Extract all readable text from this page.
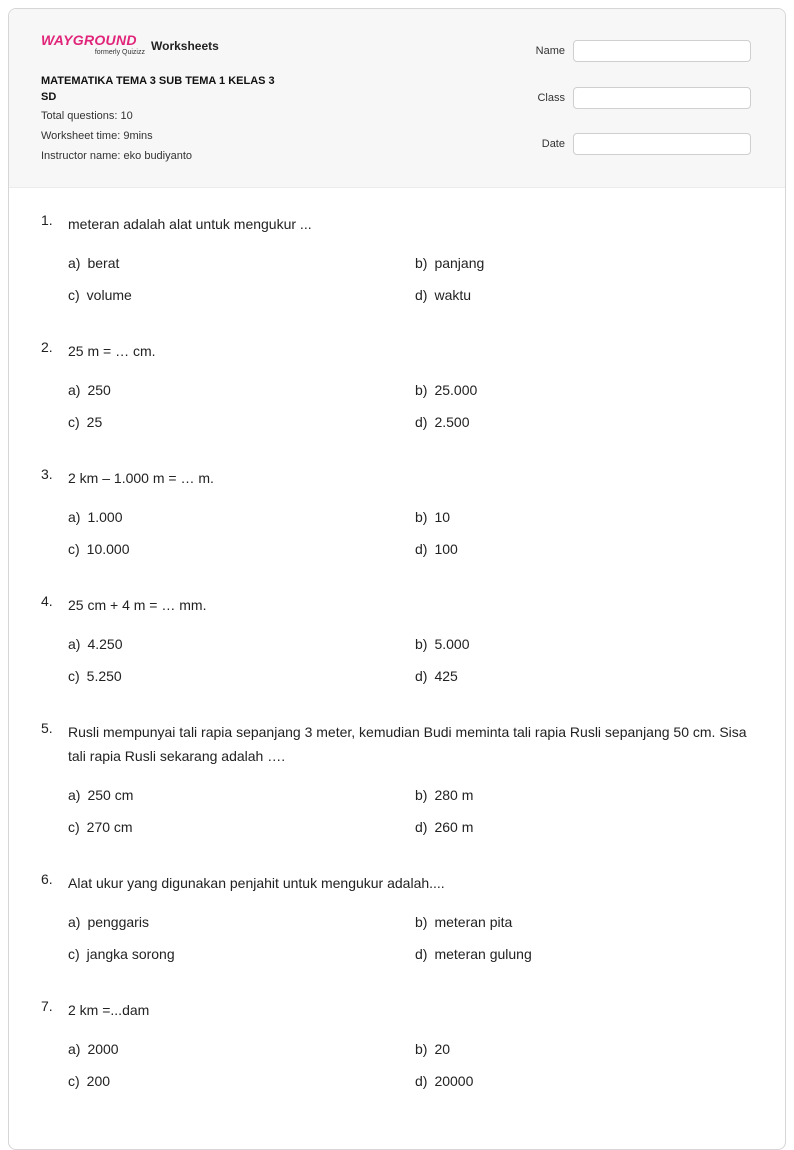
WAYGROUND
formerly Quizizz Worksheets
MATEMATIKA TEMA 3 SUB TEMA 1 KELAS 3 SD
Total questions: 10
Worksheet time: 9mins
Instructor name: eko budiyanto
Name
Class
Date
1. meteran adalah alat untuk mengukur ...
a) berat	b) panjang
c) volume	d) waktu
2. 25 m = … cm.
a) 250	b) 25.000
c) 25	d) 2.500
3. 2 km – 1.000 m = … m.
a) 1.000	b) 10
c) 10.000	d) 100
4. 25 cm + 4 m = … mm.
a) 4.250	b) 5.000
c) 5.250	d) 425
5. Rusli mempunyai tali rapia sepanjang 3 meter, kemudian Budi meminta tali rapia Rusli sepanjang 50 cm. Sisa tali rapia Rusli sekarang adalah ….
a) 250 cm	b) 280 m
c) 270 cm	d) 260 m
6. Alat ukur yang digunakan penjahit untuk mengukur adalah....
a) penggaris	b) meteran pita
c) jangka sorong	d) meteran gulung
7. 2 km =...dam
a) 2000	b) 20
c) 200	d) 20000
